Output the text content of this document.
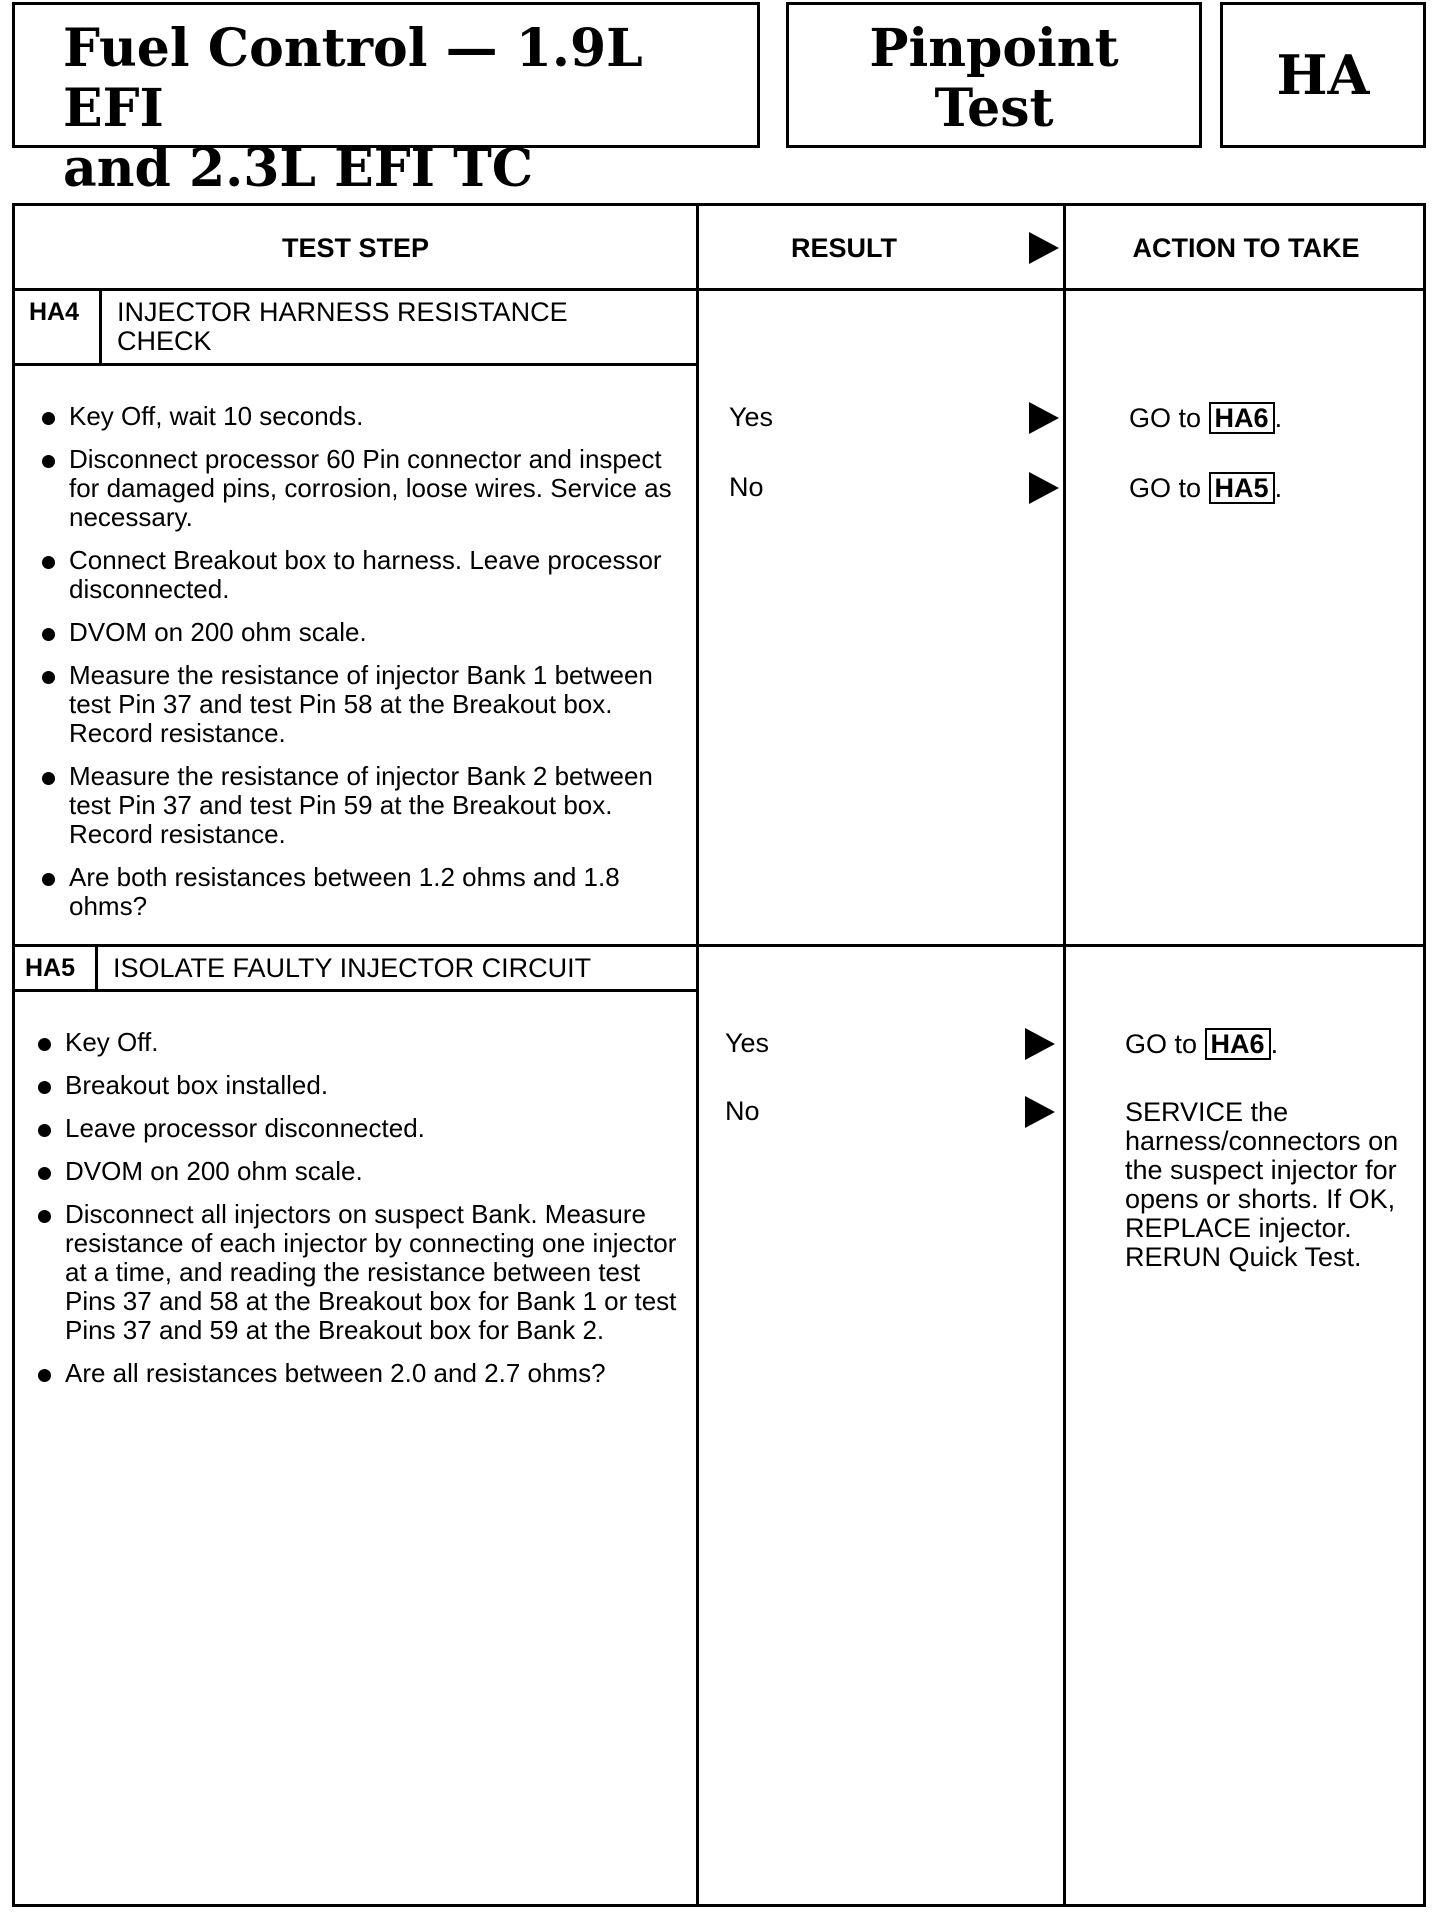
Fuel Control — 1.9L EFI
and 2.3L EFI TC
Pinpoint
Test
HA
TEST STEP	RESULT	ACTION TO TAKE
HA4 INJECTOR HARNESS RESISTANCE CHECK
Key Off, wait 10 seconds.
Disconnect processor 60 Pin connector and inspect for damaged pins, corrosion, loose wires. Service as necessary.
Connect Breakout box to harness. Leave processor disconnected.
DVOM on 200 ohm scale.
Measure the resistance of injector Bank 1 between test Pin 37 and test Pin 58 at the Breakout box. Record resistance.
Measure the resistance of injector Bank 2 between test Pin 37 and test Pin 59 at the Breakout box. Record resistance.
Are both resistances between 1.2 ohms and 1.8 ohms?
Yes	GO to HA6 .
No	GO to HA5 .
HA5 ISOLATE FAULTY INJECTOR CIRCUIT
Key Off.
Breakout box installed.
Leave processor disconnected.
DVOM on 200 ohm scale.
Disconnect all injectors on suspect Bank. Measure resistance of each injector by connecting one injector at a time, and reading the resistance between test Pins 37 and 58 at the Breakout box for Bank 1 or test Pins 37 and 59 at the Breakout box for Bank 2.
Are all resistances between 2.0 and 2.7 ohms?
Yes	GO to HA6 .
No	SERVICE the harness/connectors on the suspect injector for opens or shorts. If OK, REPLACE injector. RERUN Quick Test.
